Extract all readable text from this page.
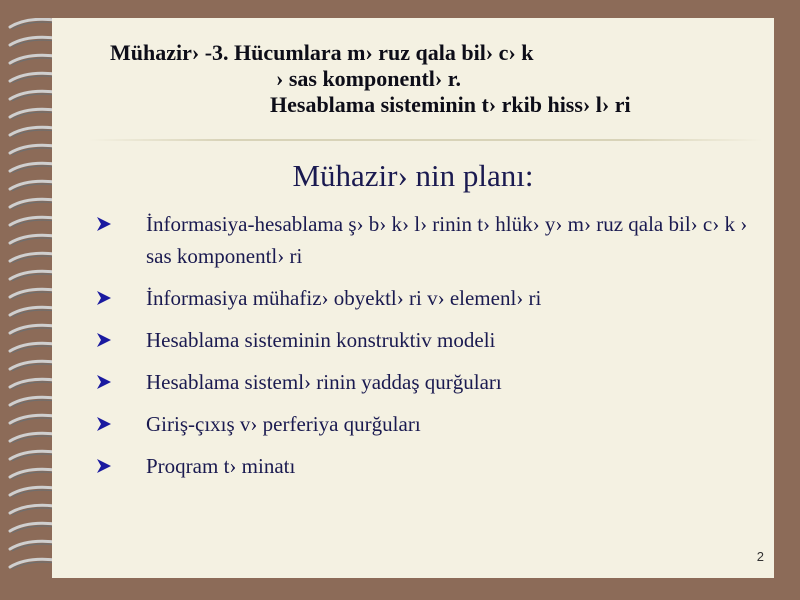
Mühazir› -3. Hücumlara m› ruz qala bil› c› k
› sas komponentl› r.
Hesablama sisteminin t› rkib hiss› l› ri
Mühazir› nin planı:
İnformasiya-hesablama ş› b› k› l› rinin t› hlük› y› m› ruz qala bil› c› k › sas komponentl› ri
İnformasiya mühafiz› obyektl› ri v› elemenl› ri
Hesablama sisteminin konstruktiv modeli
Hesablama sisteml› rinin yaddaş qurğuları
Giriş-çıxış v› perferiya qurğuları
Proqram t› minatı
2
